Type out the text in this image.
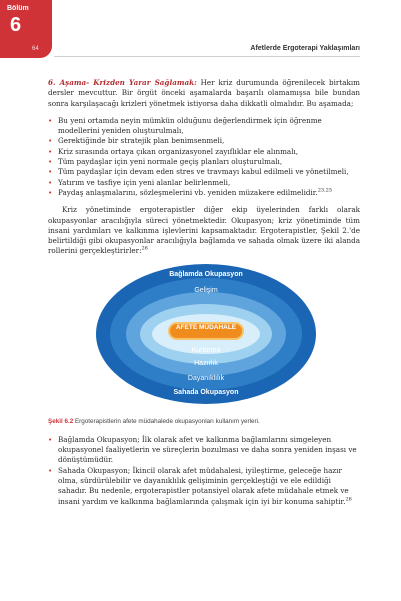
Bölüm
6
64	Afetlerde Ergoterapi Yaklaşımları

6. Aşama- Krizden Yarar Sağlamak: Her kriz durumunda öğrenilecek birtakım dersler mevcuttur. Bir örgüt önceki aşamalarda başarılı olamamışsa bile bundan sonra karşılaşacağı krizleri yönetmek istiyorsa daha dikkatli olmalıdır. Bu aşamada;

• Bu yeni ortamda neyin mümkün olduğunu değerlendirmek için öğrenme modellerini yeniden oluşturulmalı,
• Gerektiğinde bir stratejik plan benimsenmeli,
• Kriz sırasında ortaya çıkan organizasyonel zayıflıklar ele alınmalı,
• Tüm paydaşlar için yeni normale geçiş planları oluşturulmalı,
• Tüm paydaşlar için devam eden stres ve travmayı kabul edilmeli ve yönetilmeli,
• Yatırım ve tasfiye için yeni alanlar belirlenmeli,
• Paydaş anlaşmalarını, sözleşmelerini vb. yeniden müzakere edilmelidir.$^{23,25}$

Kriz yönetiminde ergoterapistler diğer ekip üyelerinden farklı olarak okupasyonlar aracılığıyla süreci yönetmektedir. Okupasyon; kriz yönetiminde tüm insani yardımları ve kalkınma işlevlerini kapsamaktadır. Ergoterapistler, Şekil 2.'de belirtildiği gibi okupasyonlar aracılığıyla bağlamda ve sahada olmak üzere iki alanda rollerini gerçekleştirirler:$^{26}$

Bağlamda Okupasyon
Gelişim
AFETE MÜDAHALE
Kurtarma
Hazırlık
Dayanıklılık
Sahada Okupasyon
Şekil 6.2 Ergoterapistlerin afete müdahalede okupasyonları kullanım yerleri.
• Bağlamda Okupasyon; İlk olarak afet ve kalkınma bağlamlarını simgeleyen okupasyonel faaliyetlerin ve süreçlerin bozulması ve daha sonra yeniden inşası ve dönüştümüdür.
• Sahada Okupasyon; İkincil olarak afet müdahalesi, iyileştirme, geleceğe hazır olma, sürdürülebilir ve dayanıklılık gelişiminin gerçekleştiği ve ele edildiği sahadır. Bu nedenle, ergoterapistler potansiyel olarak afete müdahale etmek ve insani yardım ve kalkınma bağlamlarında çalışmak için iyi bir konuma sahiptir.$^{26}$
